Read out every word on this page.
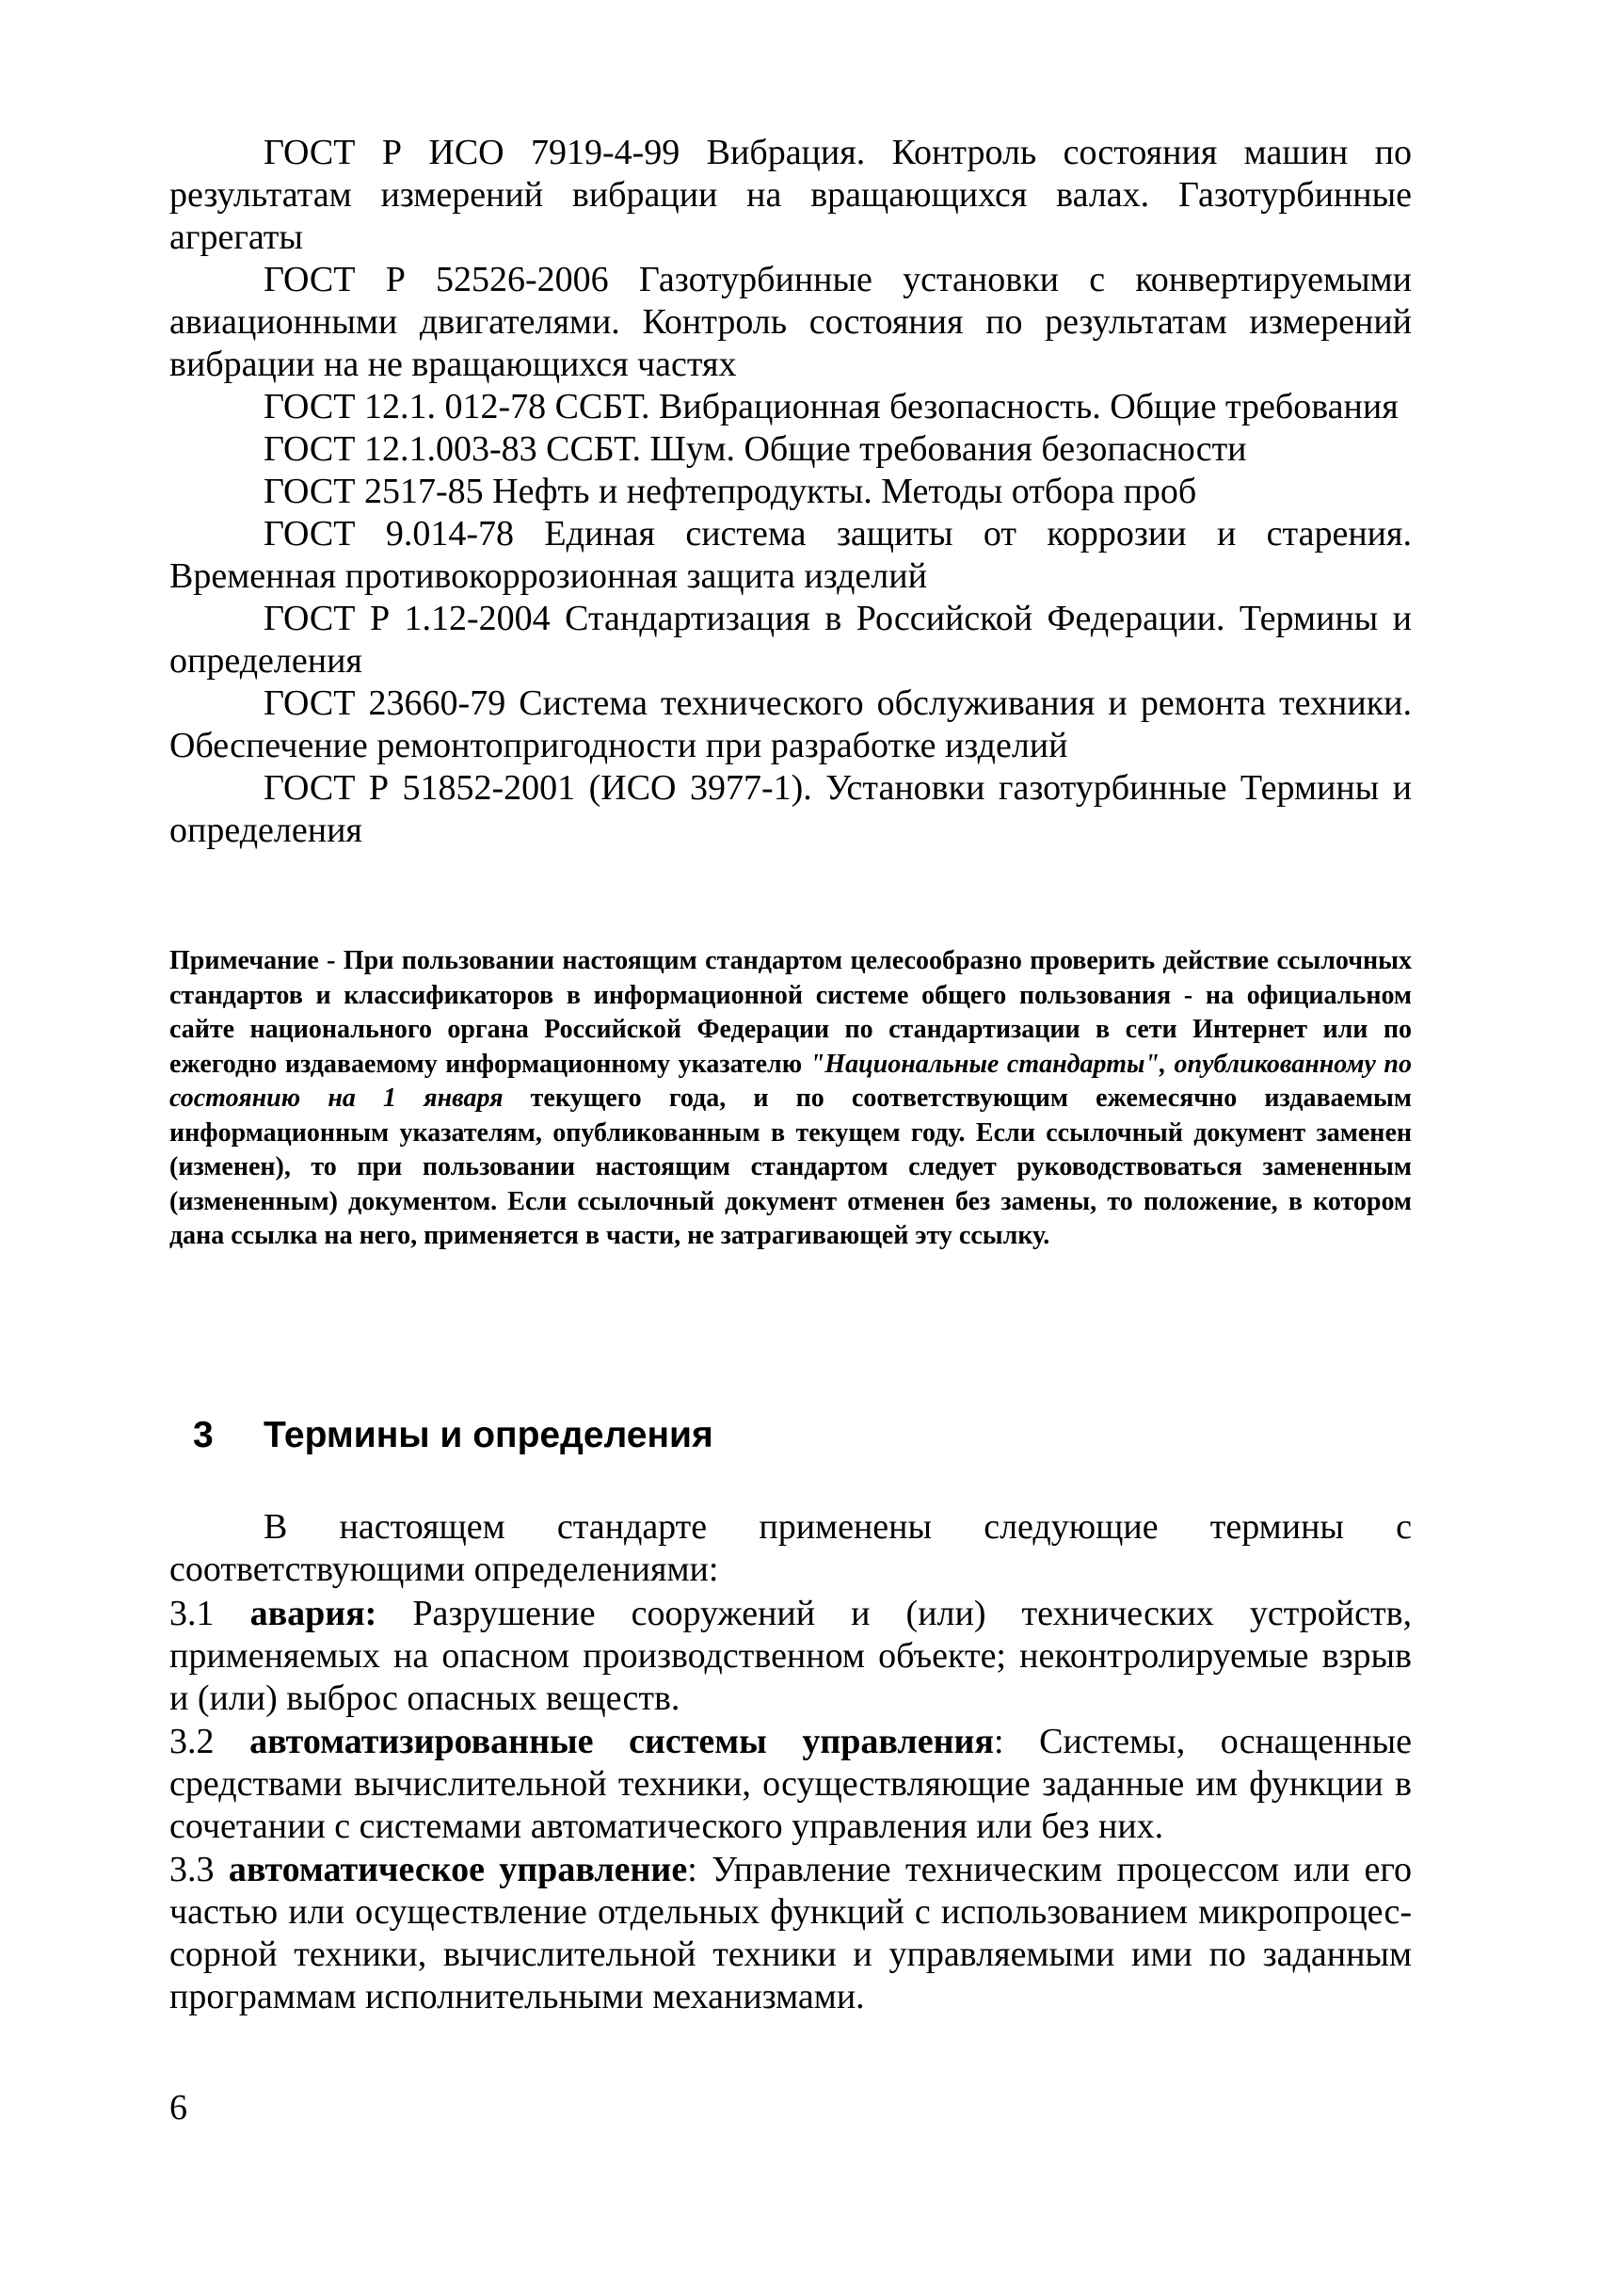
ГОСТ Р ИСО 7919-4-99 Вибрация. Контроль состояния машин по результатам измерений вибрации на вращающихся валах. Газотурбинные агрегаты

ГОСТ Р 52526-2006 Газотурбинные установки с конвертируемыми авиационными двигателями. Контроль состояния по результатам измерений вибрации на не вращающихся частях

ГОСТ 12.1. 012-78 ССБТ. Вибрационная безопасность. Общие требования

ГОСТ 12.1.003-83 ССБТ. Шум. Общие требования безопасности

ГОСТ 2517-85 Нефть и нефтепродукты. Методы отбора проб

ГОСТ 9.014-78 Единая система защиты от коррозии и старения. Временная противокоррозионная защита изделий

ГОСТ Р 1.12-2004 Стандартизация в Российской Федерации. Термины и определения

ГОСТ 23660-79 Система технического обслуживания и ремонта техники. Обеспечение ремонтопригодности при разработке изделий

ГОСТ Р 51852-2001 (ИСО 3977-1). Установки газотурбинные Термины и определения

Примечание - При пользовании настоящим стандартом целесообразно проверить действие ссылочных стандартов и классификаторов в информационной системе общего пользования - на официальном сайте национального органа Российской Федерации по стандартизации в сети Интернет или по ежегодно издаваемому информационному указателю "Национальные стандарты", опубликованному по состоянию на 1 января текущего года, и по соответствующим ежемесячно издаваемым информационным указателям, опубликованным в текущем году. Если ссылочный документ заменен (изменен), то при пользовании настоящим стандартом следует руководствоваться замененным (измененным) документом. Если ссылочный документ отменен без замены, то положение, в котором дана ссылка на него, применяется в части, не затрагивающей эту ссылку.

3 Термины и определения

В настоящем стандарте применены следующие термины с соответствующими определениями:

3.1 авария: Разрушение сооружений и (или) технических устройств, применяемых на опасном производственном объекте; неконтролируемые взрыв и (или) выброс опасных веществ.

3.2 автоматизированные системы управления: Системы, оснащенные средствами вычислительной техники, осуществляющие заданные им функции в сочетании с системами автоматического управления или без них.

3.3 автоматическое управление: Управление техническим процессом или его частью или осуществление отдельных функций с использованием микропроцес-сорной техники, вычислительной техники и управляемыми ими по заданным программам исполнительными механизмами.

6
